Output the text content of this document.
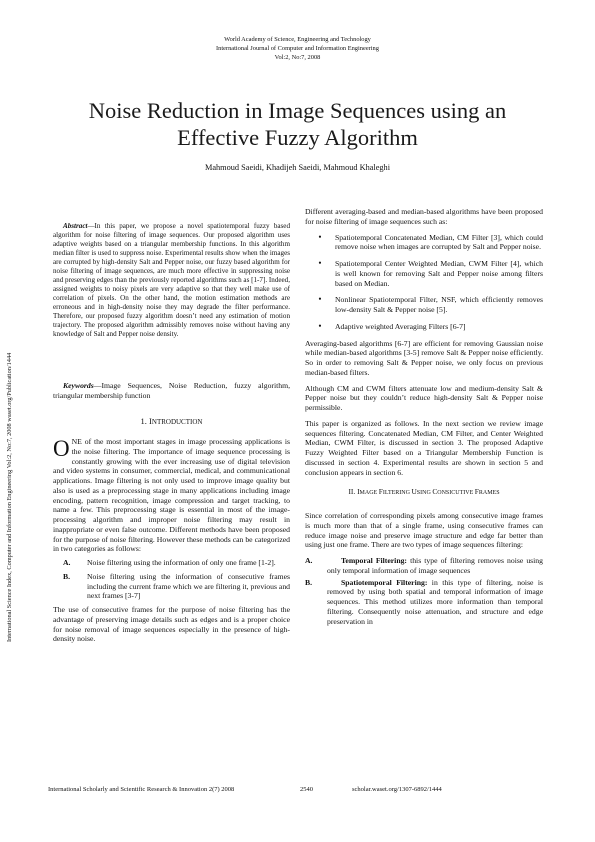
World Academy of Science, Engineering and Technology
International Journal of Computer and Information Engineering
Vol:2, No:7, 2008
Noise Reduction in Image Sequences using an
Effective Fuzzy Algorithm
Mahmoud Saeidi, Khadijeh Saeidi, Mahmoud Khaleghi
International Science Index, Computer and Information Engineering Vol:2, No:7, 2008 waset.org/Publication/1444

Abstract—In this paper, we propose a novel spatiotemporal fuzzy based algorithm for noise filtering of image sequences. Our proposed algorithm uses adaptive weights based on a triangular membership functions. In this algorithm median filter is used to suppress noise. Experimental results show when the images are corrupted by high-density Salt and Pepper noise, our fuzzy based algorithm for noise filtering of image sequences, are much more effective in suppressing noise and preserving edges than the previously reported algorithms such as [1-7]. Indeed, assigned weights to noisy pixels are very adaptive so that they well make use of correlation of pixels. On the other hand, the motion estimation methods are erroneous and in high-density noise they may degrade the filter performance. Therefore, our proposed fuzzy algorithm doesn’t need any estimation of motion trajectory. The proposed algorithm admissibly removes noise without having any knowledge of Salt and Pepper noise density.

Keywords—Image Sequences, Noise Reduction, fuzzy algorithm, triangular membership function
1. INTRODUCTION

ONE of the most important stages in image processing applications is the noise filtering. The importance of image sequence processing is constantly growing with the ever increasing use of digital television and video systems in consumer, commercial, medical, and communicational applications. Image filtering is not only used to improve image quality but also is used as a preprocessing stage in many applications including image encoding, pattern recognition, image compression and target tracking, to name a few. This preprocessing stage is essential in most of the image-processing algorithm and improper noise filtering may result in inappropriate or even false outcome. Different methods have been proposed for the purpose of noise filtering. However these methods can be categorized in two categories as follows:

A.	Noise filtering using the information of only one frame [1-2].
B.	Noise filtering using the information of consecutive frames including the current frame which we are filtering it, previous and next frames [3-7]

The use of consecutive frames for the purpose of noise filtering has the advantage of preserving image details such as edges and is a proper choice for noise removal of image sequences especially in the presence of high-density noise.

Different averaging-based and median-based algorithms have been proposed for noise filtering of image sequences such as:

•	Spatiotemporal Concatenated Median, CM Filter [3], which could remove noise when images are corrupted by Salt and Pepper noise.
•	Spatiotemporal Center Weighted Median, CWM Filter [4], which is well known for removing Salt and Pepper noise among filters based on Median.
•	Nonlinear Spatiotemporal Filter, NSF, which efficiently removes low-density Salt & Pepper noise [5].
•	Adaptive weighted Averaging Filters [6-7]

Averaging-based algorithms [6-7] are efficient for removing Gaussian noise while median-based algorithms [3-5] remove Salt & Pepper noise efficiently. So in order to removing Salt & Pepper noise, we only focus on previous median-based filters.

Although CM and CWM filters attenuate low and medium-density Salt & Pepper noise but they couldn’t reduce high-density Salt & Pepper noise permissible.

This paper is organized as follows. In the next section we review image sequences filtering. Concatenated Median, CM Filter, and Center Weighted Median, CWM Filter, is discussed in section 3. The proposed Adaptive Fuzzy Weighted Filter based on a Triangular Membership Function is discussed in section 4. Experimental results are shown in section 5 and conclusion appears in section 6.

II. IMAGE FILTERING USING CONSICUTIVE FRAMES

Since correlation of corresponding pixels among consecutive image frames is much more than that of a single frame, using consecutive frames can reduce image noise and preserve image structure and edge far better than using just one frame. There are two types of image sequences filtering:

A.	Temporal Filtering: this type of filtering removes noise using only temporal information of image sequences
B.	Spatiotemporal Filtering: in this type of filtering, noise is removed by using both spatial and temporal information of image sequences. This method utilizes more information than temporal filtering. Consequently noise attenuation, and structure and edge preservation in
International Scholarly and Scientific Research & Innovation 2(7) 2008	2540	scholar.waset.org/1307-6892/1444
